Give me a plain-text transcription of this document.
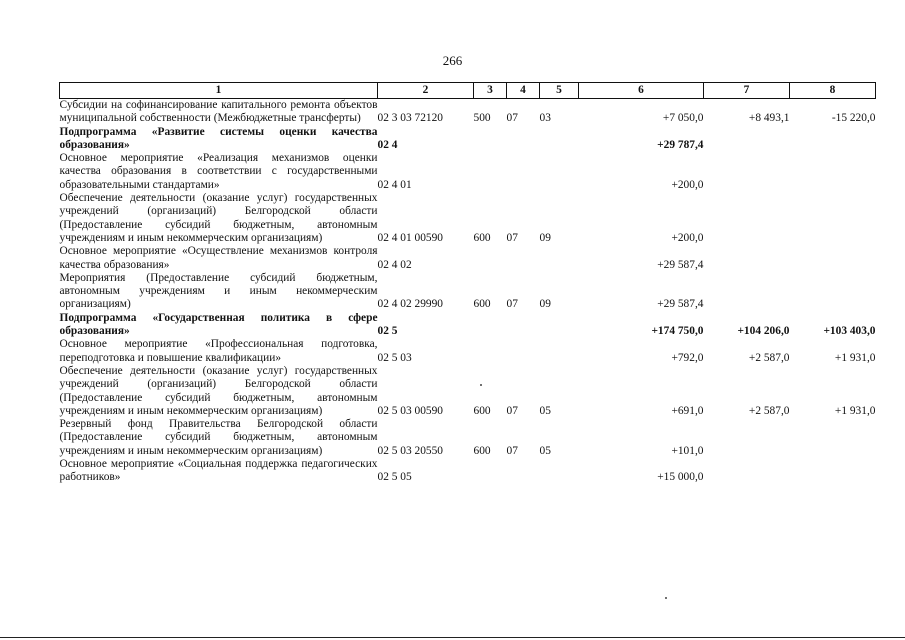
266
1	2	3	4	5	6	7	8
Субсидии на софинансирование капитального ремонта объектов муниципальной собственности (Межбюджетные трансферты)	02 3 03 72120	500	07	03	+7 050,0	+8 493,1	-15 220,0
Подпрограмма «Развитие системы оценки качества образования»	02 4				+29 787,4		
Основное мероприятие «Реализация механизмов оценки качества образования в соответствии с государственными образовательными стандартами»	02 4 01				+200,0		
Обеспечение деятельности (оказание услуг) государственных учреждений (организаций) Белгородской области (Предоставление субсидий бюджетным, автономным учреждениям и иным некоммерческим организациям)	02 4 01 00590	600	07	09	+200,0		
Основное мероприятие «Осуществление механизмов контроля качества образования»	02 4 02				+29 587,4		
Мероприятия (Предоставление субсидий бюджетным, автономным учреждениям и иным некоммерческим организациям)	02 4 02 29990	600	07	09	+29 587,4		
Подпрограмма «Государственная политика в сфере образования»	02 5				+174 750,0	+104 206,0	+103 403,0
Основное мероприятие «Профессиональная подготовка, переподготовка и повышение квалификации»	02 5 03				+792,0	+2 587,0	+1 931,0
Обеспечение деятельности (оказание услуг) государственных учреждений (организаций) Белгородской области (Предоставление субсидий бюджетным, автономным учреждениям и иным некоммерческим организациям)	02 5 03 00590	600	07	05	+691,0	+2 587,0	+1 931,0
Резервный фонд Правительства Белгородской области (Предоставление субсидий бюджетным, автономным учреждениям и иным некоммерческим организациям)	02 5 03 20550	600	07	05	+101,0		
Основное мероприятие «Социальная поддержка педагогических работников»	02 5 05				+15 000,0		
